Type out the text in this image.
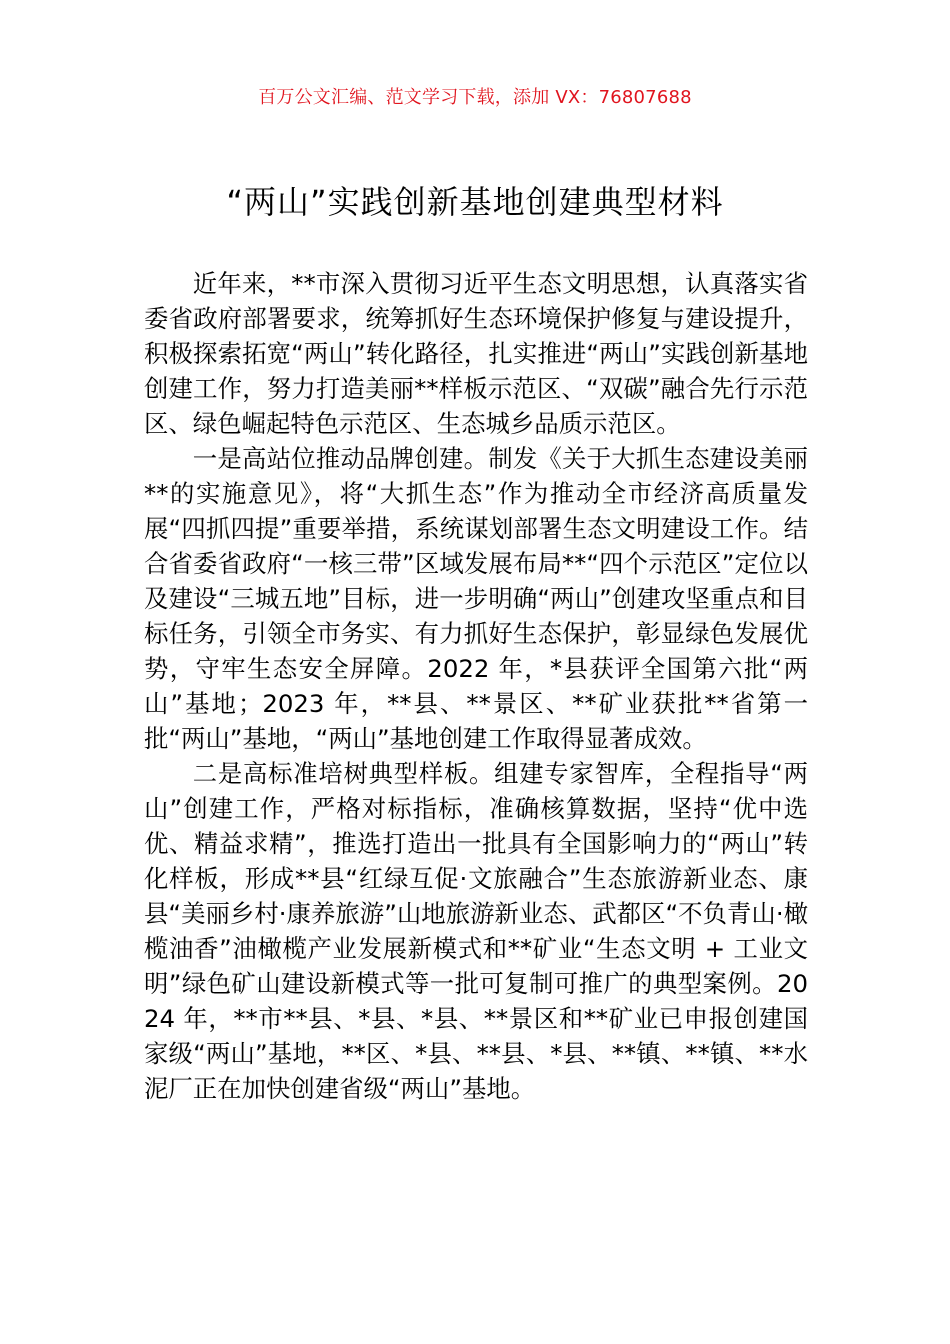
百万公文汇编、范文学习下载，添加 VX：76807688
“两山”实践创新基地创建典型材料

近年来，**市深入贯彻习近平生态文明思想，认真落实省委省政府部署要求，统筹抓好生态环境保护修复与建设提升，积极探索拓宽“两山”转化路径，扎实推进“两山”实践创新基地创建工作，努力打造美丽**样板示范区、“双碳”融合先行示范区、绿色崛起特色示范区、生态城乡品质示范区。

一是高站位推动品牌创建。制发《关于大抓生态建设美丽**的实施意见》，将“大抓生态”作为推动全市经济高质量发展“四抓四提”重要举措，系统谋划部署生态文明建设工作。结合省委省政府“一核三带”区域发展布局**“四个示范区”定位以及建设“三城五地”目标，进一步明确“两山”创建攻坚重点和目标任务，引领全市务实、有力抓好生态保护，彰显绿色发展优势，守牢生态安全屏障。2022 年，*县获评全国第六批“两山”基地；2023 年，**县、**景区、**矿业获批**省第一批“两山”基地，“两山”基地创建工作取得显著成效。

二是高标准培树典型样板。组建专家智库，全程指导“两山”创建工作，严格对标指标，准确核算数据，坚持“优中选优、精益求精”，推选打造出一批具有全国影响力的“两山”转化样板，形成**县“红绿互促·文旅融合”生态旅游新业态、康县“美丽乡村·康养旅游”山地旅游新业态、武都区“不负青山·橄榄油香”油橄榄产业发展新模式和**矿业“生态文明 + 工业文明”绿色矿山建设新模式等一批可复制可推广的典型案例。2024 年，**市**县、*县、*县、**景区和**矿业已申报创建国家级“两山”基地，**区、*县、**县、*县、**镇、**镇、**水泥厂正在加快创建省级“两山”基地。
